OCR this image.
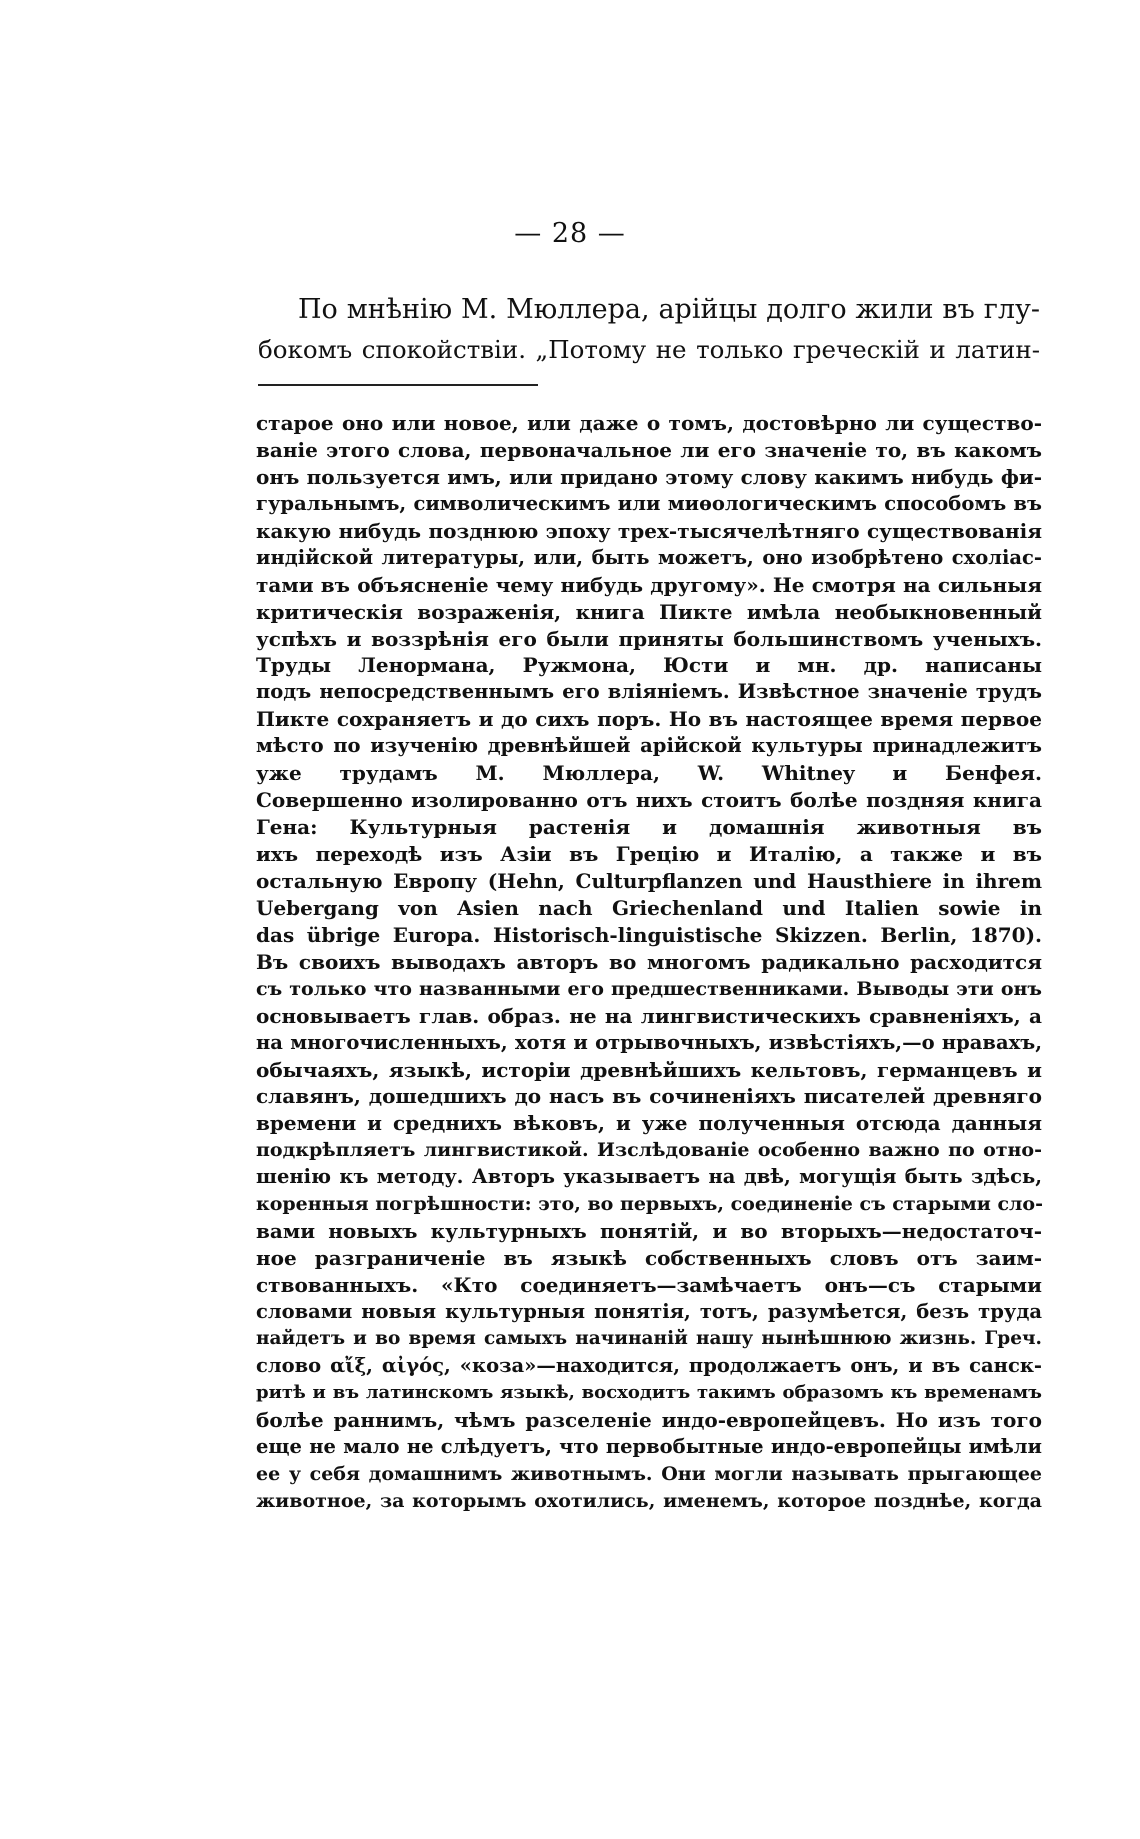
— 28 —
По мнѣнію М. Мюллера, арійцы долго жили въ глу-
бокомъ спокойствіи. „Потому не только греческій и латин-
старое оно или новое, или даже о томъ, достовѣрно ли существо-
ваніе этого слова, первоначальное ли его значеніе то, въ какомъ
онъ пользуется имъ, или придано этому слову какимъ нибудь фи-
гуральнымъ, символическимъ или миѳологическимъ способомъ въ
какую нибудь позднюю эпоху трех-тысячелѣтняго существованія
индійской литературы, или, быть можетъ, оно изобрѣтено схоліас-
тами въ объясненіе чему нибудь другому». Не смотря на сильныя
критическія возраженія, книга Пикте имѣла необыкновенный
успѣхъ и воззрѣнія его были приняты большинствомъ ученыхъ.
Труды Ленормана, Ружмона, Юсти и мн. др. написаны
подъ непосредственнымъ его вліяніемъ. Извѣстное значеніе трудъ
Пикте сохраняетъ и до сихъ поръ. Но въ настоящее время первое
мѣсто по изученію древнѣйшей арійской культуры принадлежитъ
уже трудамъ М. Мюллера, W. Whitney и Бенфея.
Совершенно изолированно отъ нихъ стоитъ болѣе поздняя книга
Гена: Культурныя растенія и домашнія животныя въ
ихъ переходѣ изъ Азіи въ Грецію и Италію, а также и въ
остальную Европу (Hehn, Culturpflanzen und Hausthiere in ihrem
Uebergang von Asien nach Griechenland und Italien sowie in
das übrige Europa. Historisch-linguistische Skizzen. Berlin, 1870).
Въ своихъ выводахъ авторъ во многомъ радикально расходится
съ только что названными его предшественниками. Выводы эти онъ
основываетъ глав. образ. не на лингвистическихъ сравненіяхъ, а
на многочисленныхъ, хотя и отрывочныхъ, извѣстіяхъ,—о нравахъ,
обычаяхъ, языкѣ, исторіи древнѣйшихъ кельтовъ, германцевъ и
славянъ, дошедшихъ до насъ въ сочиненіяхъ писателей древняго
времени и среднихъ вѣковъ, и уже полученныя отсюда данныя
подкрѣпляетъ лингвистикой. Изслѣдованіе особенно важно по отно-
шенію къ методу. Авторъ указываетъ на двѣ, могущія быть здѣсь,
коренныя погрѣшности: это, во первыхъ, соединеніе съ старыми сло-
вами новыхъ культурныхъ понятій, и во вторыхъ—недостаточ-
ное разграниченіе въ языкѣ собственныхъ словъ отъ заим-
ствованныхъ. «Кто соединяетъ—замѣчаетъ онъ—съ старыми
словами новыя культурныя понятія, тотъ, разумѣется, безъ труда
найдетъ и во время самыхъ начинаній нашу нынѣшнюю жизнь. Греч.
слово αἴξ, αἰγός, «коза»—находится, продолжаетъ онъ, и въ санск-
ритѣ и въ латинскомъ языкѣ, восходитъ такимъ образомъ къ временамъ
болѣе раннимъ, чѣмъ разселеніе индо-европейцевъ. Но изъ того
еще не мало не слѣдуетъ, что первобытные индо-европейцы имѣли
ее у себя домашнимъ животнымъ. Они могли называть прыгающее
животное, за которымъ охотились, именемъ, которое позднѣе, когда
